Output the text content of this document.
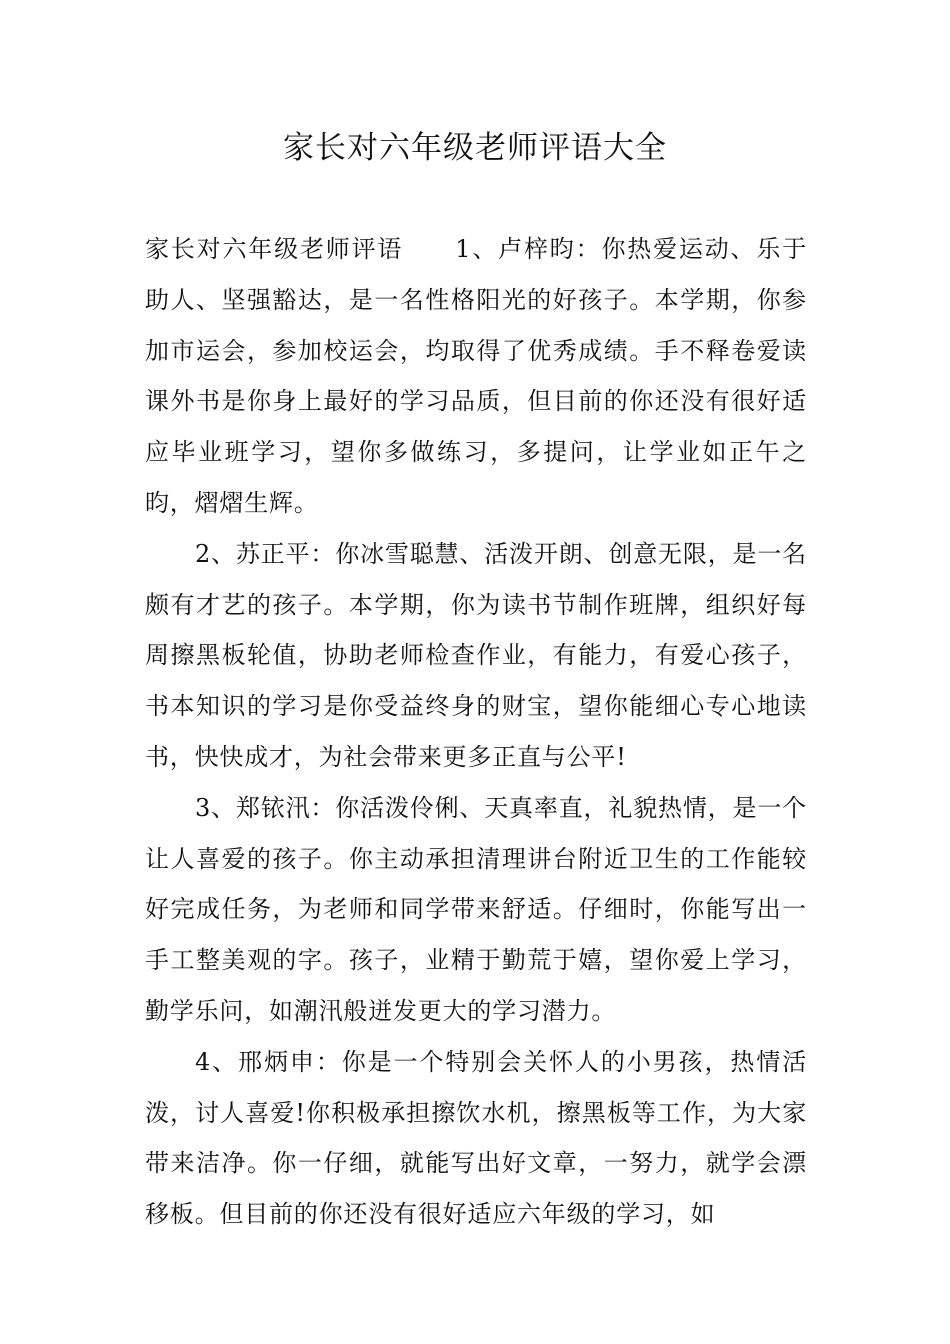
家长对六年级老师评语大全

家长对六年级老师评语 1、卢梓昀：你热爱运动、乐于助人、坚强豁达，是一名性格阳光的好孩子。本学期，你参加市运会，参加校运会，均取得了优秀成绩。手不释卷爱读课外书是你身上最好的学习品质，但目前的你还没有很好适应毕业班学习，望你多做练习，多提问，让学业如正午之昀，熠熠生辉。

2、苏正平：你冰雪聪慧、活泼开朗、创意无限，是一名颇有才艺的孩子。本学期，你为读书节制作班牌，组织好每周擦黑板轮值，协助老师检查作业，有能力，有爱心孩子，书本知识的学习是你受益终身的财宝，望你能细心专心地读书，快快成才，为社会带来更多正直与公平!

3、郑铱汛：你活泼伶俐、天真率直，礼貌热情，是一个让人喜爱的孩子。你主动承担清理讲台附近卫生的工作能较好完成任务，为老师和同学带来舒适。仔细时，你能写出一手工整美观的字。孩子，业精于勤荒于嬉，望你爱上学习，勤学乐问，如潮汛般迸发更大的学习潜力。

4、邢炳申：你是一个特别会关怀人的小男孩，热情活泼，讨人喜爱!你积极承担擦饮水机，擦黑板等工作，为大家带来洁净。你一仔细，就能写出好文章，一努力，就学会漂移板。但目前的你还没有很好适应六年级的学习，如
